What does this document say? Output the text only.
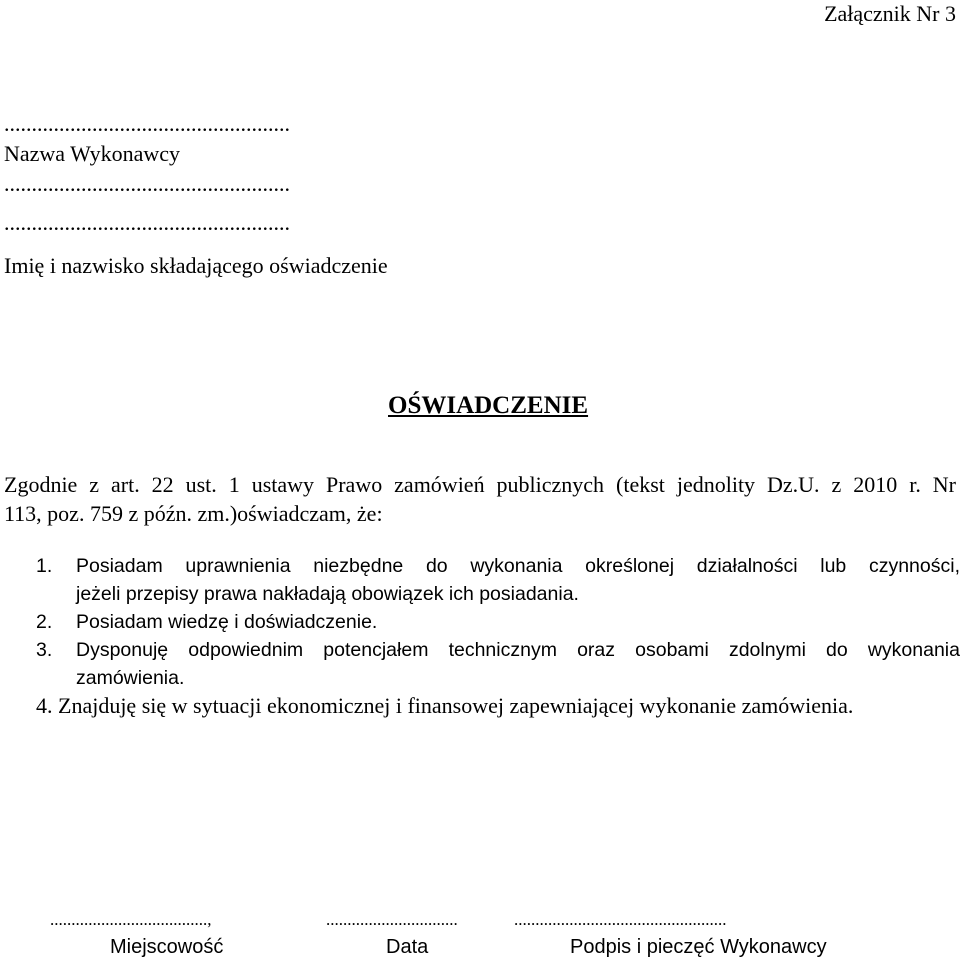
Załącznik Nr 3
....................................................
Nazwa Wykonawcy
....................................................
....................................................
Imię i nazwisko składającego oświadczenie
OŚWIADCZENIE
Zgodnie z art. 22 ust. 1 ustawy Prawo zamówień publicznych (tekst jednolity Dz.U. z 2010 r. Nr
113, poz. 759 z późn. zm.)oświadczam, że:
1. Posiadam uprawnienia niezbędne do wykonania określonej działalności lub czynności,
jeżeli przepisy prawa nakładają obowiązek ich posiadania.
2. Posiadam wiedzę i doświadczenie.
3. Dysponuję odpowiednim potencjałem technicznym oraz osobami zdolnymi do wykonania
zamówienia.
4. Znajduję się w sytuacji ekonomicznej i finansowej zapewniającej wykonanie zamówienia.
.....................................,	...............................	..................................................
Miejscowość	Data	Podpis i pieczęć Wykonawcy
